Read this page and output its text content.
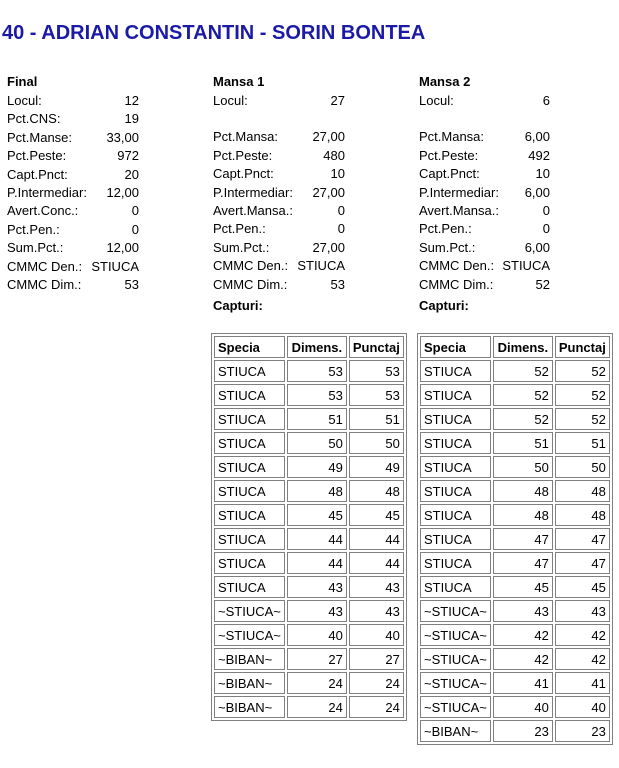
40 - ADRIAN CONSTANTIN - SORIN BONTEA
Final
Locul:	12
Pct.CNS:	19
Pct.Manse:	33,00
Pct.Peste:	972
Capt.Pnct:	20
P.Intermediar: 12,00
Avert.Conc.:	0
Pct.Pen.:	0
Sum.Pct.:	12,00
CMMC Den.: STIUCA
CMMC Dim.:	53
Mansa 1
Locul:	27
Pct.Mansa:	27,00
Pct.Peste:	480
Capt.Pnct:	10
P.Intermediar: 27,00
Avert.Mansa.:	0
Pct.Pen.:	0
Sum.Pct.:	27,00
CMMC Den.: STIUCA
CMMC Dim.:	53
Capturi:
Mansa 2
Locul:	6
Pct.Mansa:	6,00
Pct.Peste:	492
Capt.Pnct:	10
P.Intermediar: 6,00
Avert.Mansa.:	0
Pct.Pen.:	0
Sum.Pct.:	6,00
CMMC Den.: STIUCA
CMMC Dim.:	52
Capturi:
Specia	Dimens.	Punctaj
STIUCA	53	53
STIUCA	53	53
STIUCA	51	51
STIUCA	50	50
STIUCA	49	49
STIUCA	48	48
STIUCA	45	45
STIUCA	44	44
STIUCA	44	44
STIUCA	43	43
~STIUCA~	43	43
~STIUCA~	40	40
~BIBAN~	27	27
~BIBAN~	24	24
~BIBAN~	24	24
Specia	Dimens.	Punctaj
STIUCA	52	52
STIUCA	52	52
STIUCA	52	52
STIUCA	51	51
STIUCA	50	50
STIUCA	48	48
STIUCA	48	48
STIUCA	47	47
STIUCA	47	47
STIUCA	45	45
~STIUCA~	43	43
~STIUCA~	42	42
~STIUCA~	42	42
~STIUCA~	41	41
~STIUCA~	40	40
~BIBAN~	23	23
